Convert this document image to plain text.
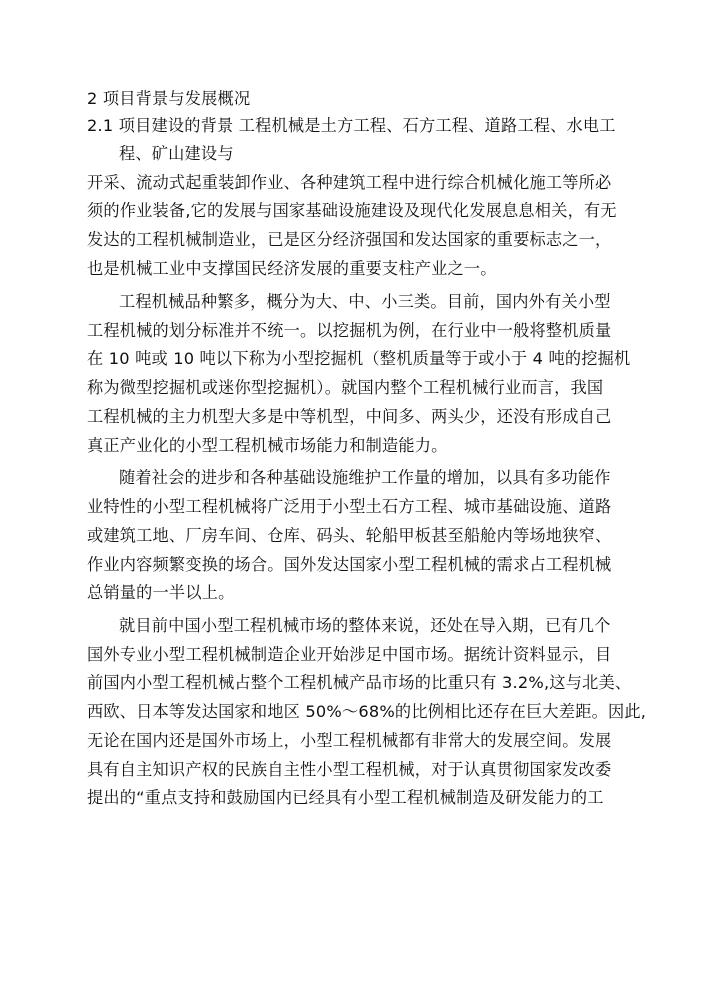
2 项目背景与发展概况
2.1 项目建设的背景 工程机械是土方工程、石方工程、道路工程、水电工
程、矿山建设与
开采、流动式起重装卸作业、各种建筑工程中进行综合机械化施工等所必
须的作业装备,它的发展与国家基础设施建设及现代化发展息息相关，有无
发达的工程机械制造业，已是区分经济强国和发达国家的重要标志之一，
也是机械工业中支撑国民经济发展的重要支柱产业之一。
工程机械品种繁多，概分为大、中、小三类。目前，国内外有关小型
工程机械的划分标准并不统一。以挖掘机为例，在行业中一般将整机质量
在 10 吨或 10 吨以下称为小型挖掘机（整机质量等于或小于 4 吨的挖掘机
称为微型挖掘机或迷你型挖掘机）。就国内整个工程机械行业而言，我国
工程机械的主力机型大多是中等机型，中间多、两头少，还没有形成自己
真正产业化的小型工程机械市场能力和制造能力。
随着社会的进步和各种基础设施维护工作量的增加，以具有多功能作
业特性的小型工程机械将广泛用于小型土石方工程、城市基础设施、道路
或建筑工地、厂房车间、仓库、码头、轮船甲板甚至船舱内等场地狭窄、
作业内容频繁变换的场合。国外发达国家小型工程机械的需求占工程机械
总销量的一半以上。
就目前中国小型工程机械市场的整体来说，还处在导入期，已有几个
国外专业小型工程机械制造企业开始涉足中国市场。据统计资料显示，目
前国内小型工程机械占整个工程机械产品市场的比重只有 3.2%,这与北美、
西欧、日本等发达国家和地区 50%～68%的比例相比还存在巨大差距。因此,
无论在国内还是国外市场上，小型工程机械都有非常大的发展空间。发展
具有自主知识产权的民族自主性小型工程机械，对于认真贯彻国家发改委
提出的“重点支持和鼓励国内已经具有小型工程机械制造及研发能力的工
